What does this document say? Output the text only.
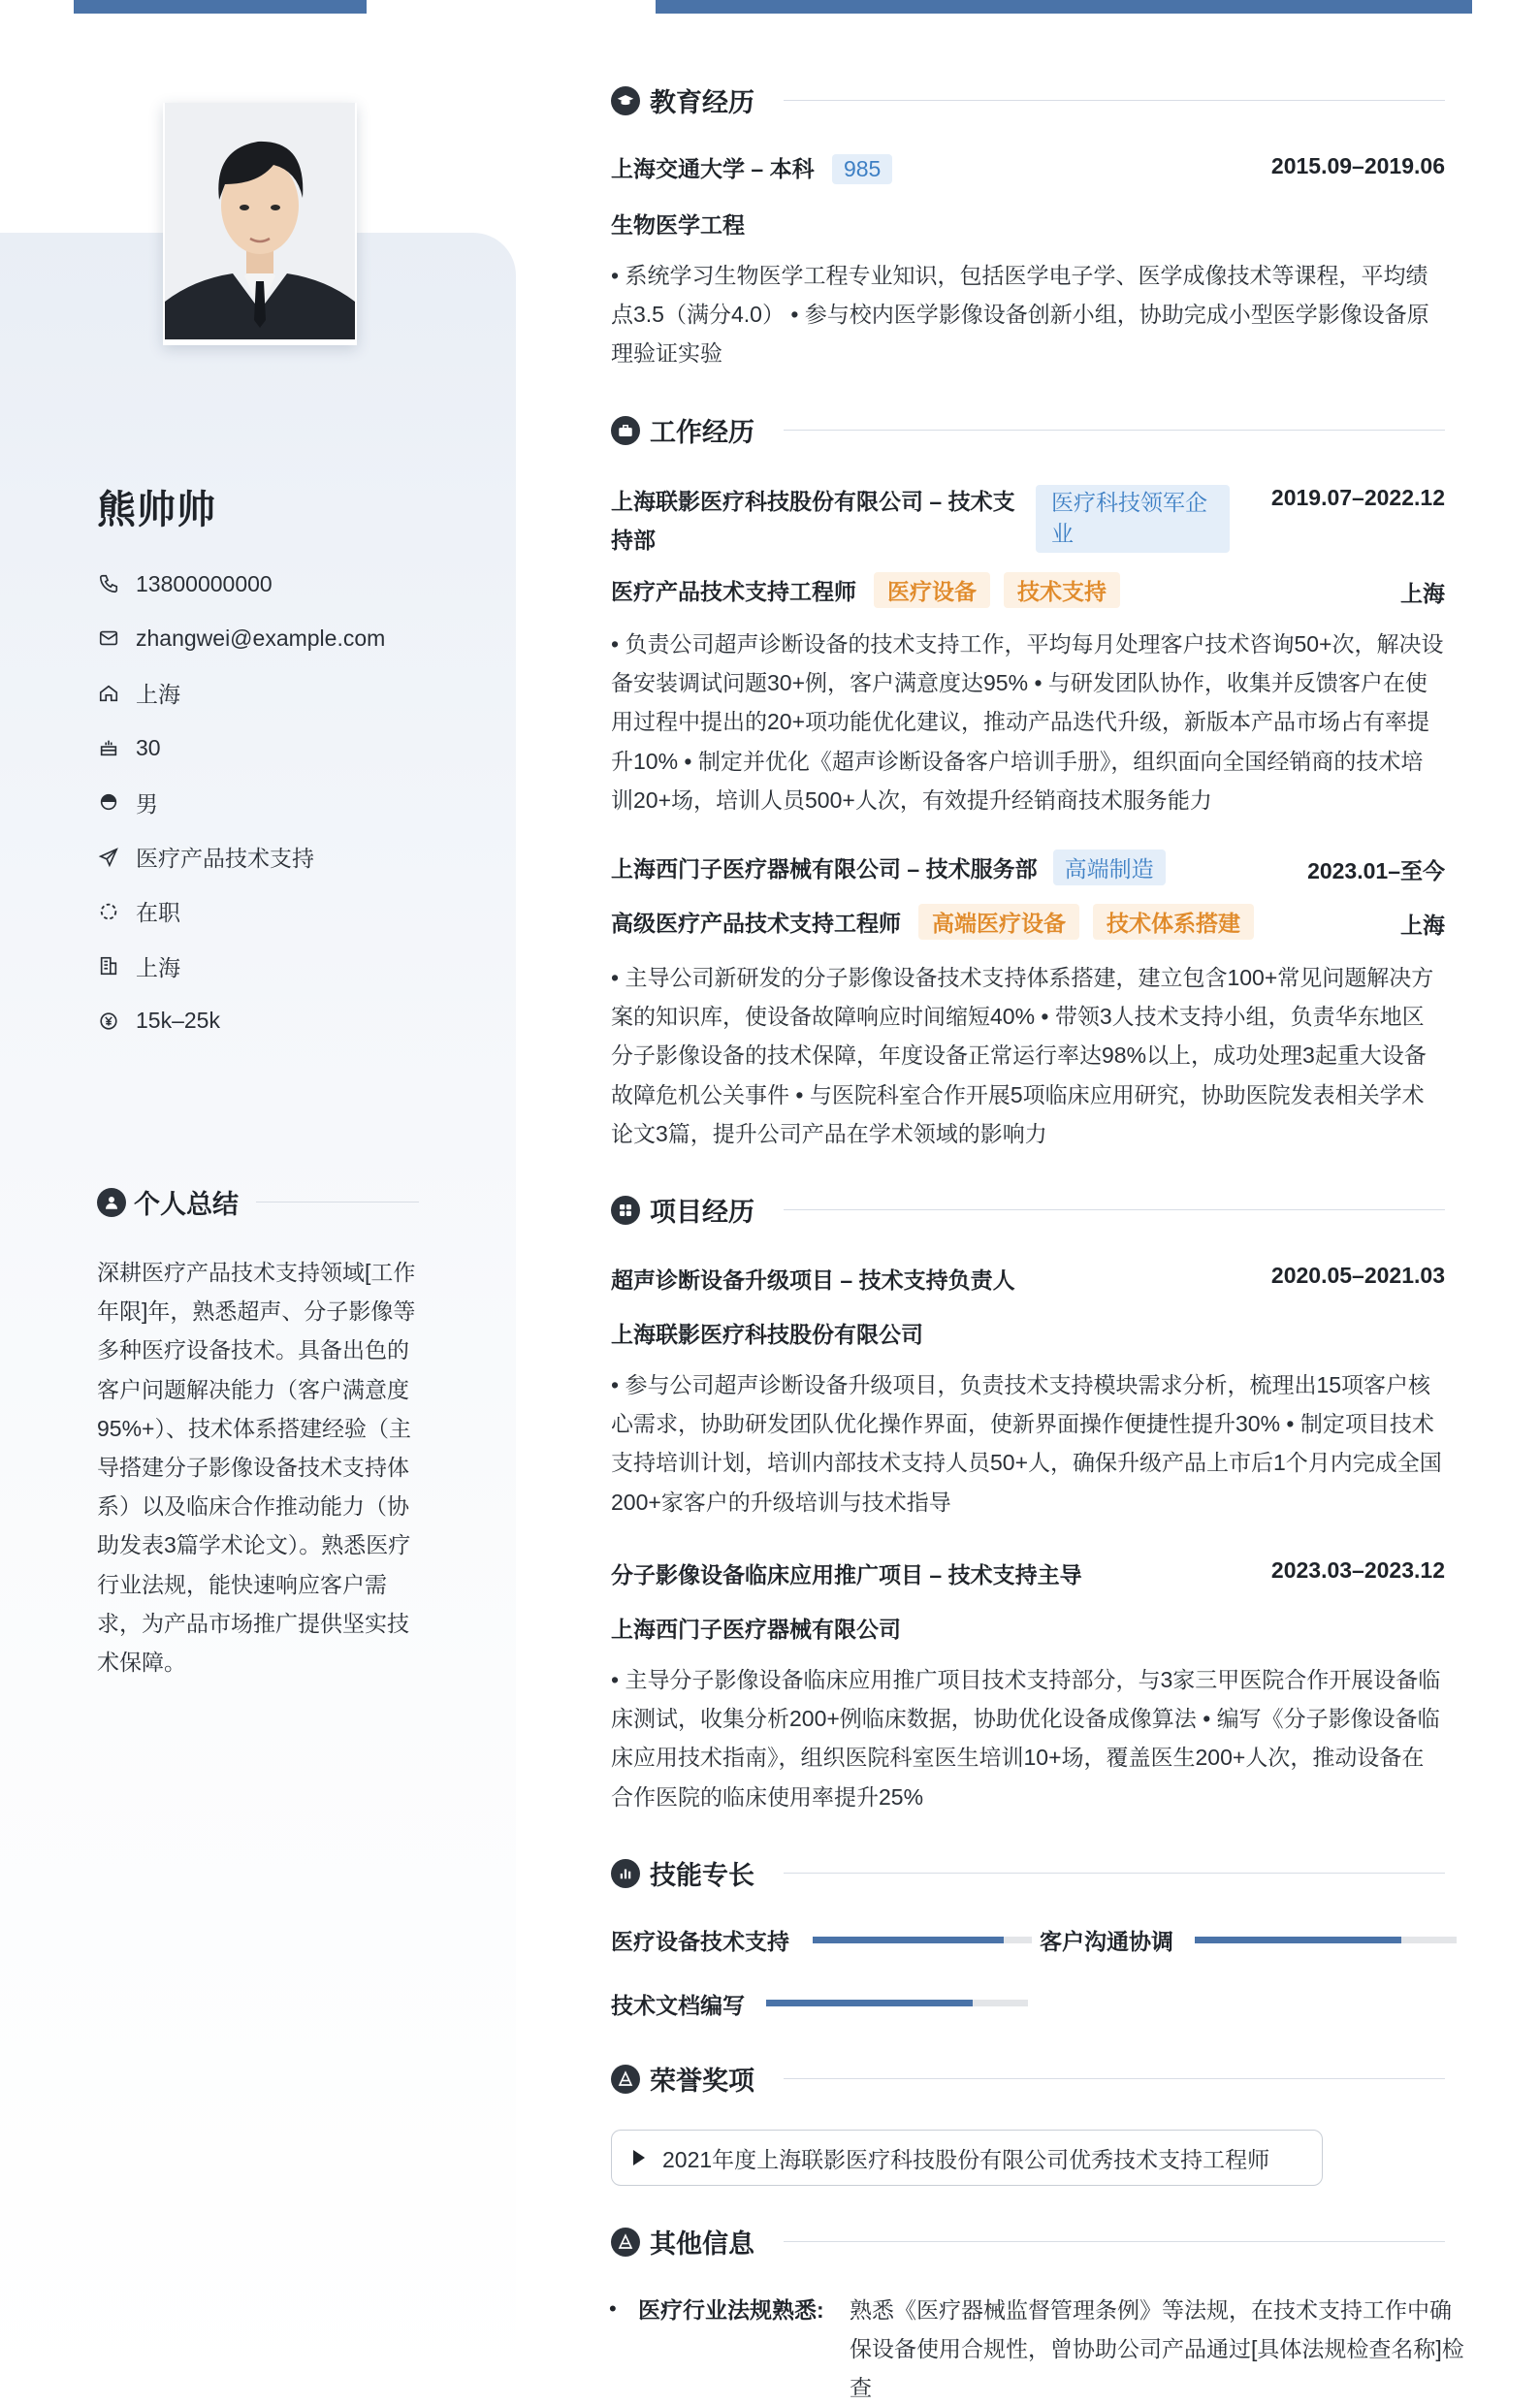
熊帅帅
13800000000
zhangwei@example.com
上海
30
男
医疗产品技术支持
在职
上海
15k–25k
个人总结
深耕医疗产品技术支持领域[工作年限]年，熟悉超声、分子影像等多种医疗设备技术。具备出色的客户问题解决能力（客户满意度95%+）、技术体系搭建经验（主导搭建分子影像设备技术支持体系）以及临床合作推动能力（协助发表3篇学术论文）。熟悉医疗行业法规，能快速响应客户需求，为产品市场推广提供坚实技术保障。
教育经历
上海交通大学 – 本科 985	2015.09–2019.06
生物医学工程
• 系统学习生物医学工程专业知识，包括医学电子学、医学成像技术等课程，平均绩点3.5（满分4.0） • 参与校内医学影像设备创新小组，协助完成小型医学影像设备原理验证实验
工作经历
上海联影医疗科技股份有限公司 – 技术支持部
医疗科技领军企业
2019.07–2022.12
医疗产品技术支持工程师	医疗设备	技术支持	上海
• 负责公司超声诊断设备的技术支持工作，平均每月处理客户技术咨询50+次，解决设备安装调试问题30+例，客户满意度达95% • 与研发团队协作，收集并反馈客户在使用过程中提出的20+项功能优化建议，推动产品迭代升级，新版本产品市场占有率提升10% • 制定并优化《超声诊断设备客户培训手册》，组织面向全国经销商的技术培训20+场，培训人员500+人次，有效提升经销商技术服务能力
上海西门子医疗器械有限公司 – 技术服务部	高端制造	2023.01–至今
高级医疗产品技术支持工程师	高端医疗设备	技术体系搭建	上海
• 主导公司新研发的分子影像设备技术支持体系搭建，建立包含100+常见问题解决方案的知识库，使设备故障响应时间缩短40% • 带领3人技术支持小组，负责华东地区分子影像设备的技术保障，年度设备正常运行率达98%以上，成功处理3起重大设备故障危机公关事件 • 与医院科室合作开展5项临床应用研究，协助医院发表相关学术论文3篇，提升公司产品在学术领域的影响力
项目经历
超声诊断设备升级项目 – 技术支持负责人	2020.05–2021.03
上海联影医疗科技股份有限公司
• 参与公司超声诊断设备升级项目，负责技术支持模块需求分析，梳理出15项客户核心需求，协助研发团队优化操作界面，使新界面操作便捷性提升30% • 制定项目技术支持培训计划，培训内部技术支持人员50+人，确保升级产品上市后1个月内完成全国200+家客户的升级培训与技术指导
分子影像设备临床应用推广项目 – 技术支持主导	2023.03–2023.12
上海西门子医疗器械有限公司
• 主导分子影像设备临床应用推广项目技术支持部分，与3家三甲医院合作开展设备临床测试，收集分析200+例临床数据，协助优化设备成像算法 • 编写《分子影像设备临床应用技术指南》，组织医院科室医生培训10+场，覆盖医生200+人次，推动设备在合作医院的临床使用率提升25%
技能专长
医疗设备技术支持	客户沟通协调
技术文档编写
荣誉奖项
2021年度上海联影医疗科技股份有限公司优秀技术支持工程师
其他信息
• 医疗行业法规熟悉:	熟悉《医疗器械监督管理条例》等法规，在技术支持工作中确保设备使用合规性，曾协助公司产品通过[具体法规检查名称]检查
